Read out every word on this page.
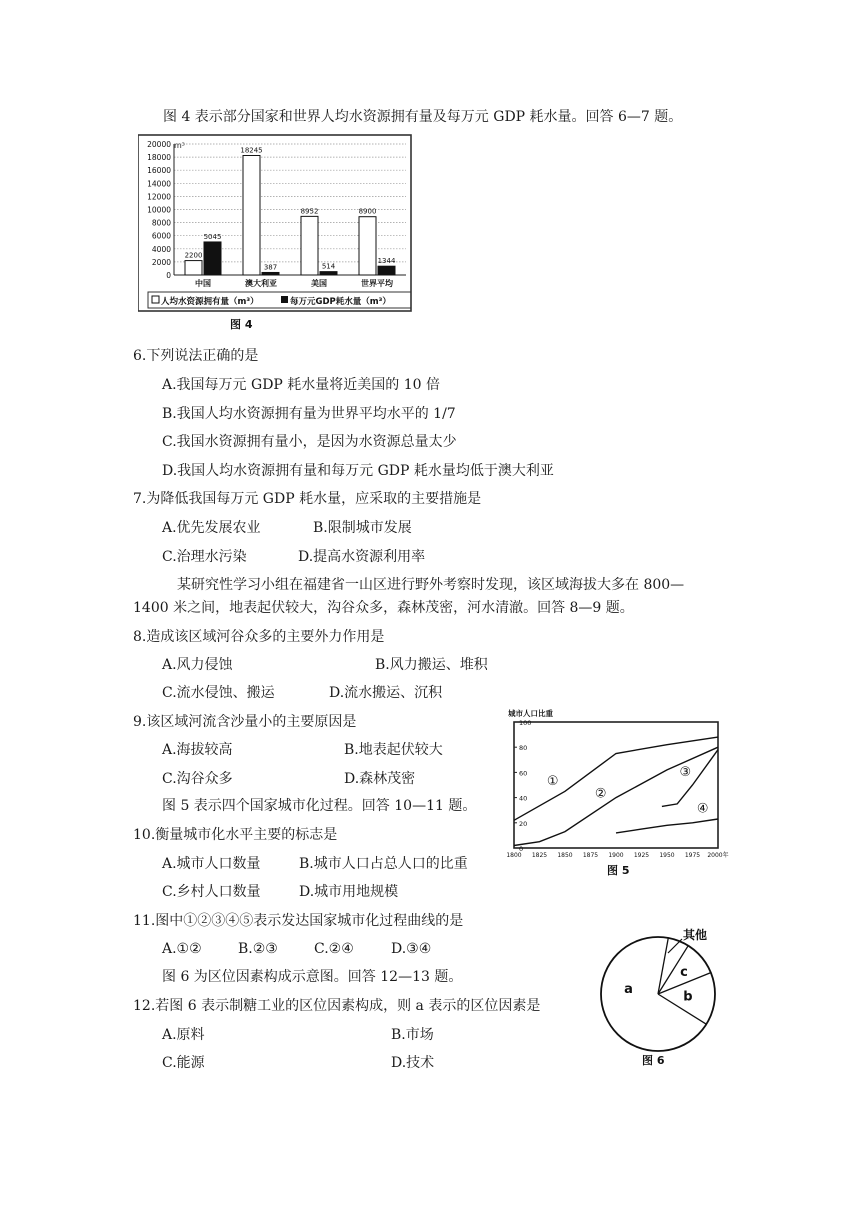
图 4 表示部分国家和世界人均水资源拥有量及每万元 GDP 耗水量。回答 6—7 题。
m³
0
2000
4000
6000
8000
10000
12000
14000
16000
18000
20000
2200
5045
18245
387
8952
514
8900
1344
中国	澳大利亚	美国	世界平均
人均水资源拥有量（m³）	每万元GDP耗水量（m³）
图 4
6.下列说法正确的是
A.我国每万元 GDP 耗水量将近美国的 10 倍
B.我国人均水资源拥有量为世界平均水平的 1/7
C.我国水资源拥有量小，是因为水资源总量太少
D.我国人均水资源拥有量和每万元 GDP 耗水量均低于澳大利亚
7.为降低我国每万元 GDP 耗水量，应采取的主要措施是
A.优先发展农业	B.限制城市发展
C.治理水污染	D.提高水资源利用率
某研究性学习小组在福建省一山区进行野外考察时发现，该区域海拔大多在 800—
1400 米之间，地表起伏较大，沟谷众多，森林茂密，河水清澈。回答 8—9 题。
8.造成该区域河谷众多的主要外力作用是
A.风力侵蚀	B.风力搬运、堆积
C.流水侵蚀、搬运	D.流水搬运、沉积
9.该区域河流含沙量小的主要原因是
A.海拔较高	B.地表起伏较大
C.沟谷众多	D.森林茂密
图 5 表示四个国家城市化过程。回答 10—11 题。
10.衡量城市化水平主要的标志是
A.城市人口数量	B.城市人口占总人口的比重
C.乡村人口数量	D.城市用地规模
11.图中①②③④⑤表示发达国家城市化过程曲线的是
A.①②	B.②③	C.②④	D.③④
图 6 为区位因素构成示意图。回答 12—13 题。
12.若图 6 表示制糖工业的区位因素构成，则 a 表示的区位因素是
A.原料	B.市场
C.能源	D.技术
城市人口比重
0
20
40
60
80
100
1800 1825 1850 1875 1900 1925 1950 1975 2000年
①
②
③
④
图 5
a
b
c
其他
图 6
